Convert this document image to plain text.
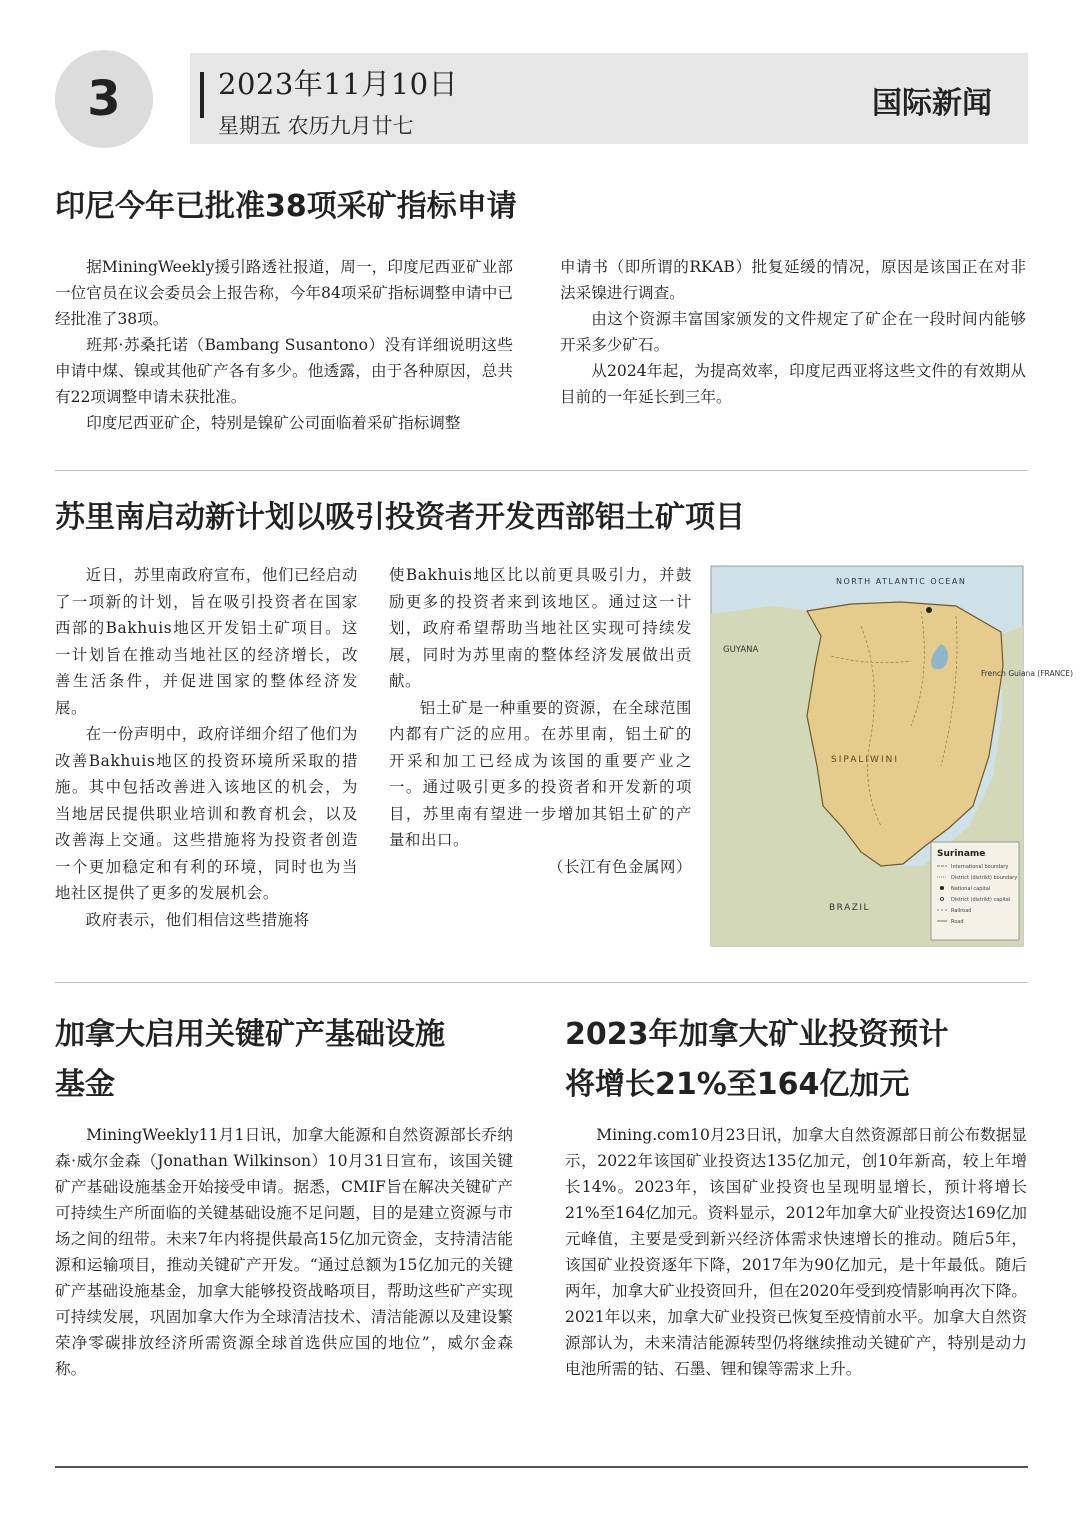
3	2023年11月10日
星期五 农历九月廿七
国际新闻
印尼今年已批准38项采矿指标申请

据MiningWeekly援引路透社报道，周一，印度尼西亚矿业部一位官员在议会委员会上报告称，今年84项采矿指标调整申请中已经批准了38项。

班邦·苏桑托诺（Bambang Susantono）没有详细说明这些申请中煤、镍或其他矿产各有多少。他透露，由于各种原因，总共有22项调整申请未获批准。

印度尼西亚矿企，特别是镍矿公司面临着采矿指标调整

申请书（即所谓的RKAB）批复延缓的情况，原因是该国正在对非法采镍进行调查。

由这个资源丰富国家颁发的文件规定了矿企在一段时间内能够开采多少矿石。

从2024年起，为提高效率，印度尼西亚将这些文件的有效期从目前的一年延长到三年。

苏里南启动新计划以吸引投资者开发西部铝土矿项目

近日，苏里南政府宣布，他们已经启动了一项新的计划，旨在吸引投资者在国家西部的Bakhuis地区开发铝土矿项目。这一计划旨在推动当地社区的经济增长，改善生活条件，并促进国家的整体经济发展。

在一份声明中，政府详细介绍了他们为改善Bakhuis地区的投资环境所采取的措施。其中包括改善进入该地区的机会，为当地居民提供职业培训和教育机会，以及改善海上交通。这些措施将为投资者创造一个更加稳定和有利的环境，同时也为当地社区提供了更多的发展机会。

政府表示，他们相信这些措施将

使Bakhuis地区比以前更具吸引力，并鼓励更多的投资者来到该地区。通过这一计划，政府希望帮助当地社区实现可持续发展，同时为苏里南的整体经济发展做出贡献。

铝土矿是一种重要的资源，在全球范围内都有广泛的应用。在苏里南，铝土矿的开采和加工已经成为该国的重要产业之一。通过吸引更多的投资者和开发新的项目，苏里南有望进一步增加其铝土矿的产量和出口。

（长江有色金属网）

NORTH ATLANTIC OCEAN
GUYANA
French Guiana (FRANCE)
BRAZIL
SIPALIWINI
Suriname
International boundary
District (distrikt) boundary
National capital
District (distrikt) capital
Railroad
Road
加拿大启用关键矿产基础设施
基金

MiningWeekly11月1日讯，加拿大能源和自然资源部长乔纳森·威尔金森（Jonathan Wilkinson）10月31日宣布，该国关键矿产基础设施基金开始接受申请。据悉，CMIF旨在解决关键矿产可持续生产所面临的关键基础设施不足问题，目的是建立资源与市场之间的纽带。未来7年内将提供最高15亿加元资金，支持清洁能源和运输项目，推动关键矿产开发。“通过总额为15亿加元的关键矿产基础设施基金，加拿大能够投资战略项目，帮助这些矿产实现可持续发展，巩固加拿大作为全球清洁技术、清洁能源以及建设繁荣净零碳排放经济所需资源全球首选供应国的地位”，威尔金森称。

2023年加拿大矿业投资预计
将增长21%至164亿加元

Mining.com10月23日讯，加拿大自然资源部日前公布数据显示，2022年该国矿业投资达135亿加元，创10年新高，较上年增长14%。2023年，该国矿业投资也呈现明显增长，预计将增长21%至164亿加元。资料显示，2012年加拿大矿业投资达169亿加元峰值，主要是受到新兴经济体需求快速增长的推动。随后5年，该国矿业投资逐年下降，2017年为90亿加元，是十年最低。随后两年，加拿大矿业投资回升，但在2020年受到疫情影响再次下降。2021年以来，加拿大矿业投资已恢复至疫情前水平。加拿大自然资源部认为，未来清洁能源转型仍将继续推动关键矿产，特别是动力电池所需的钴、石墨、锂和镍等需求上升。
